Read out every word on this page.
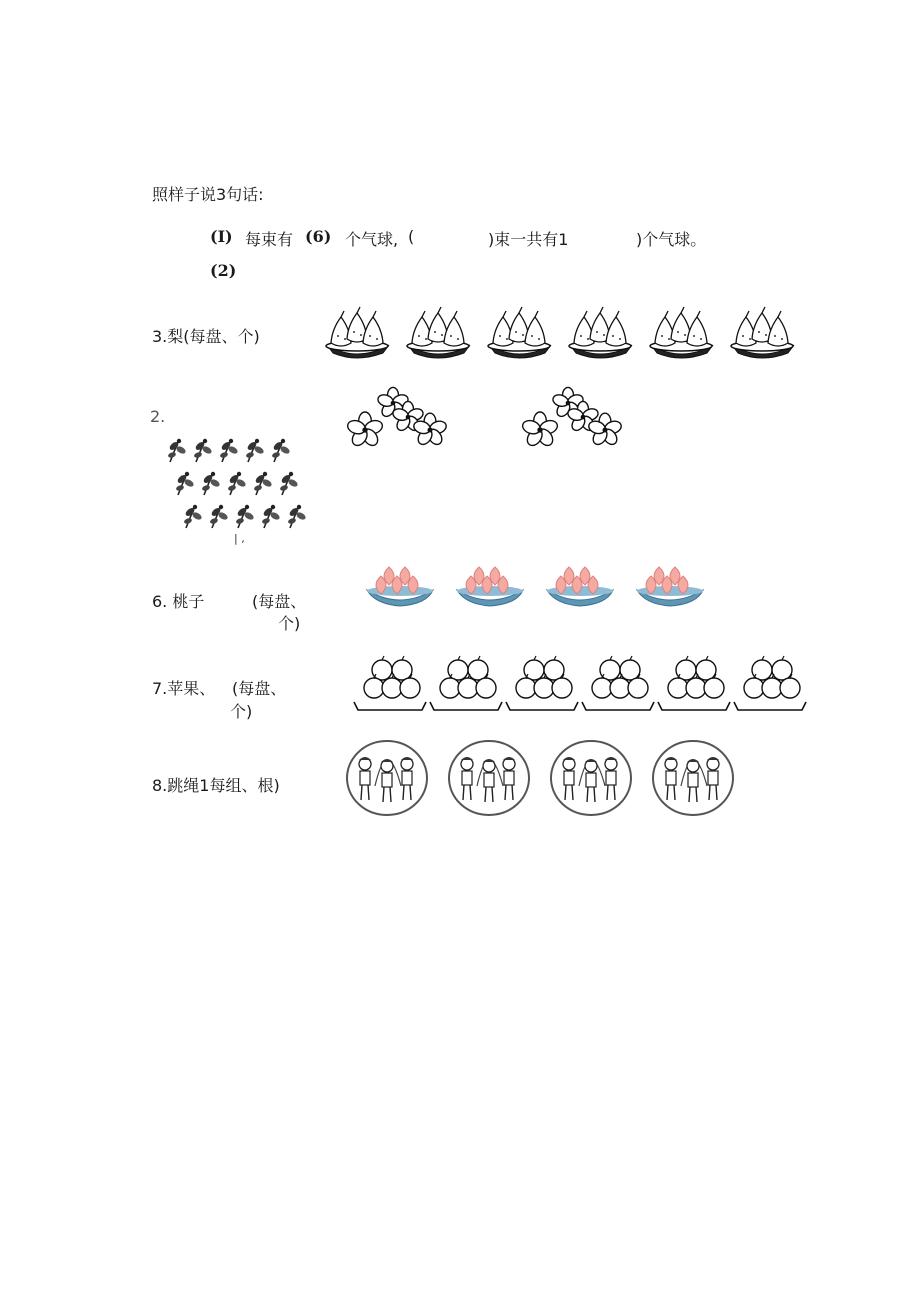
照样子说3句话:
(I) 每束有 (6) 个气球, (	)束一共有1	)个气球。
(2)
3.梨(每盘、个)
2.
| ,
6. 桃子	(每盘、
个)
7.苹果、 (每盘、
个)
8.跳绳1每组、根)
